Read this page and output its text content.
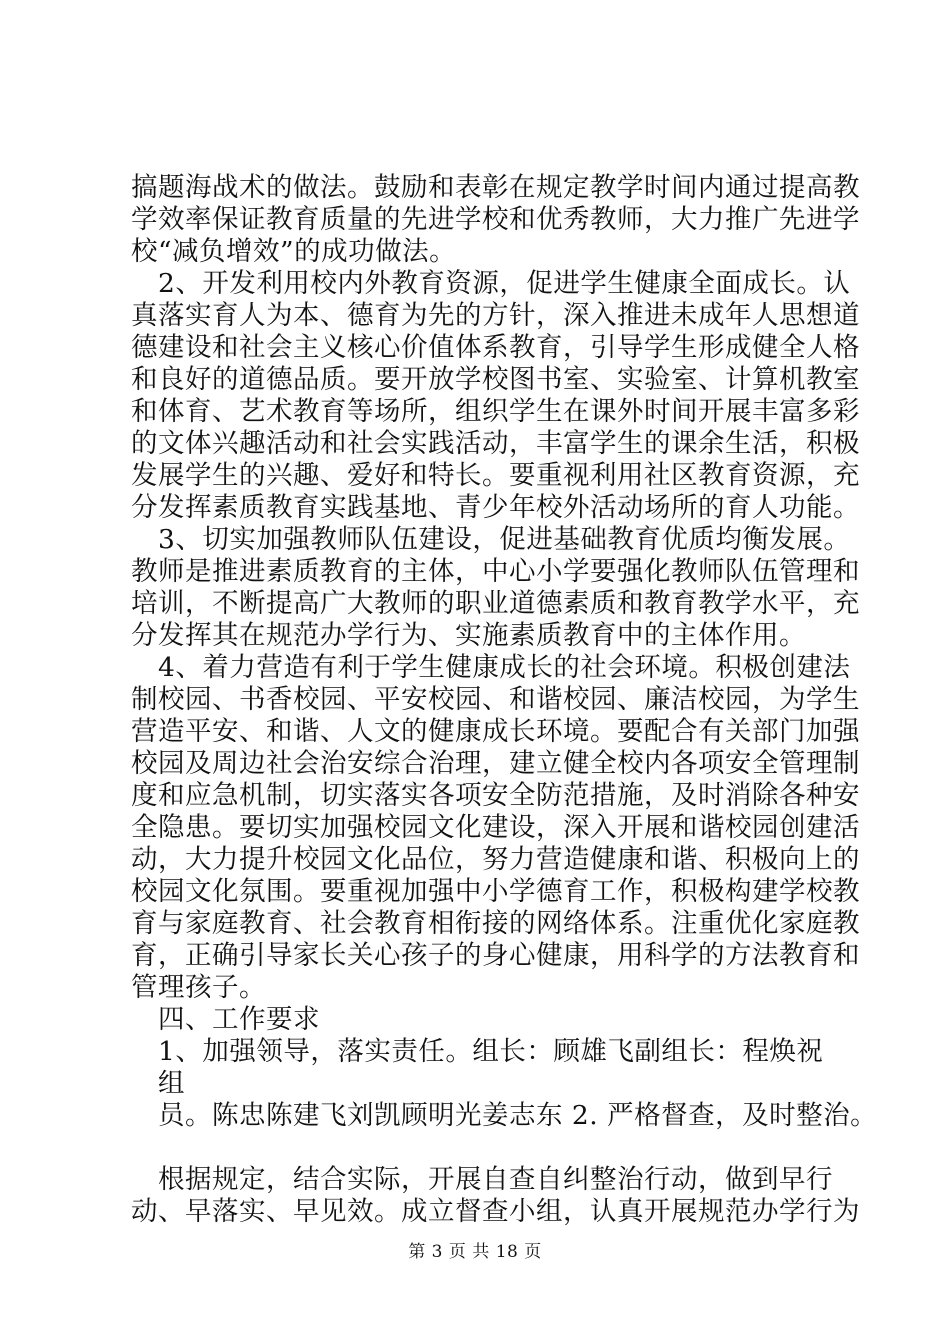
搞题海战术的做法。鼓励和表彰在规定教学时间内通过提高教
学效率保证教育质量的先进学校和优秀教师，大力推广先进学
校“减负增效”的成功做法。
　2、开发利用校内外教育资源，促进学生健康全面成长。认
真落实育人为本、德育为先的方针，深入推进未成年人思想道
德建设和社会主义核心价值体系教育，引导学生形成健全人格
和良好的道德品质。要开放学校图书室、实验室、计算机教室
和体育、艺术教育等场所，组织学生在课外时间开展丰富多彩
的文体兴趣活动和社会实践活动，丰富学生的课余生活，积极
发展学生的兴趣、爱好和特长。要重视利用社区教育资源，充
分发挥素质教育实践基地、青少年校外活动场所的育人功能。
　3、切实加强教师队伍建设，促进基础教育优质均衡发展。
教师是推进素质教育的主体，中心小学要强化教师队伍管理和
培训，不断提高广大教师的职业道德素质和教育教学水平，充
分发挥其在规范办学行为、实施素质教育中的主体作用。
　4、着力营造有利于学生健康成长的社会环境。积极创建法
制校园、书香校园、平安校园、和谐校园、廉洁校园，为学生
营造平安、和谐、人文的健康成长环境。要配合有关部门加强
校园及周边社会治安综合治理，建立健全校内各项安全管理制
度和应急机制，切实落实各项安全防范措施，及时消除各种安
全隐患。要切实加强校园文化建设，深入开展和谐校园创建活
动，大力提升校园文化品位，努力营造健康和谐、积极向上的
校园文化氛围。要重视加强中小学德育工作，积极构建学校教
育与家庭教育、社会教育相衔接的网络体系。注重优化家庭教
育，正确引导家长关心孩子的身心健康，用科学的方法教育和
管理孩子。
　四、工作要求
　1、加强领导，落实责任。组长：顾雄飞副组长：程焕祝
　组
　员。陈忠陈建飞刘凯顾明光姜志东 2. 严格督查，及时整治。
　根据规定，结合实际，开展自查自纠整治行动，做到早行
动、早落实、早见效。成立督查小组，认真开展规范办学行为
第 3 页 共 18 页
